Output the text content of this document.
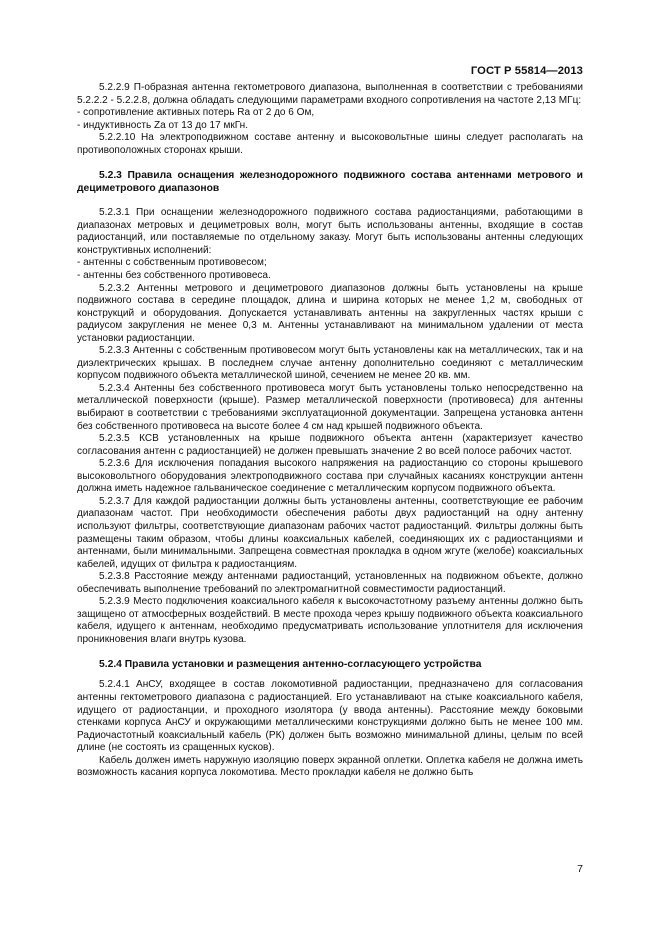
ГОСТ Р 55814—2013

5.2.2.9 П-образная антенна гектометрового диапазона, выполненная в соответствии с требованиями 5.2.2.2 - 5.2.2.8, должна обладать следующими параметрами входного сопротивления на частоте 2,13 МГц:

- сопротивление активных потерь Ra от 2 до 6 Ом,

- индуктивность Za от 13 до 17 мкГн.

5.2.2.10 На электроподвижном составе антенну и высоковольтные шины следует располагать на противоположных сторонах крыши.

5.2.3 Правила оснащения железнодорожного подвижного состава антеннами метрового и дециметрового диапазонов

5.2.3.1 При оснащении железнодорожного подвижного состава радиостанциями, работающими в диапазонах метровых и дециметровых волн, могут быть использованы антенны, входящие в состав радиостанций, или поставляемые по отдельному заказу. Могут быть использованы антенны следующих конструктивных исполнений:

- антенны с собственным противовесом;

- антенны без собственного противовеса.

5.2.3.2 Антенны метрового и дециметрового диапазонов должны быть установлены на крыше подвижного состава в середине площадок, длина и ширина которых не менее 1,2 м, свободных от конструкций и оборудования. Допускается устанавливать антенны на закругленных частях крыши с радиусом закругления не менее 0,3 м. Антенны устанавливают на минимальном удалении от места установки радиостанции.

5.2.3.3 Антенны с собственным противовесом могут быть установлены как на металлических, так и на диэлектрических крышах. В последнем случае антенну дополнительно соединяют с металлическим корпусом подвижного объекта металлической шиной, сечением не менее 20 кв. мм.

5.2.3.4 Антенны без собственного противовеса могут быть установлены только непосредственно на металлической поверхности (крыше). Размер металлической поверхности (противовеса) для антенны выбирают в соответствии с требованиями эксплуатационной документации. Запрещена установка антенн без собственного противовеса на высоте более 4 см над крышей подвижного объекта.

5.2.3.5 КСВ установленных на крыше подвижного объекта антенн (характеризует качество согласования антенн с радиостанцией) не должен превышать значение 2 во всей полосе рабочих частот.

5.2.3.6 Для исключения попадания высокого напряжения на радиостанцию со стороны крышевого высоковольтного оборудования электроподвижного состава при случайных касаниях конструкции антенн должна иметь надежное гальваническое соединение с металлическим корпусом подвижного объекта.

5.2.3.7 Для каждой радиостанции должны быть установлены антенны, соответствующие ее рабочим диапазонам частот. При необходимости обеспечения работы двух радиостанций на одну антенну используют фильтры, соответствующие диапазонам рабочих частот радиостанций. Фильтры должны быть размещены таким образом, чтобы длины коаксиальных кабелей, соединяющих их с радиостанциями и антеннами, были минимальными. Запрещена совместная прокладка в одном жгуте (желобе) коаксиальных кабелей, идущих от фильтра к радиостанциям.

5.2.3.8 Расстояние между антеннами радиостанций, установленных на подвижном объекте, должно обеспечивать выполнение требований по электромагнитной совместимости радиостанций.

5.2.3.9 Место подключения коаксиального кабеля к высокочастотному разъему антенны должно быть защищено от атмосферных воздействий. В месте прохода через крышу подвижного объекта коаксиального кабеля, идущего к антеннам, необходимо предусматривать использование уплотнителя для исключения проникновения влаги внутрь кузова.

5.2.4 Правила установки и размещения антенно-согласующего устройства

5.2.4.1 АнСУ, входящее в состав локомотивной радиостанции, предназначено для согласования антенны гектометрового диапазона с радиостанцией. Его устанавливают на стыке коаксиального кабеля, идущего от радиостанции, и проходного изолятора (у ввода антенны). Расстояние между боковыми стенками корпуса АнСУ и окружающими металлическими конструкциями должно быть не менее 100 мм. Радиочастотный коаксиальный кабель (РК) должен быть возможно минимальной длины, целым по всей длине (не состоять из сращенных кусков).

Кабель должен иметь наружную изоляцию поверх экранной оплетки. Оплетка кабеля не должна иметь возможность касания корпуса локомотива. Место прокладки кабеля не должно быть

7
